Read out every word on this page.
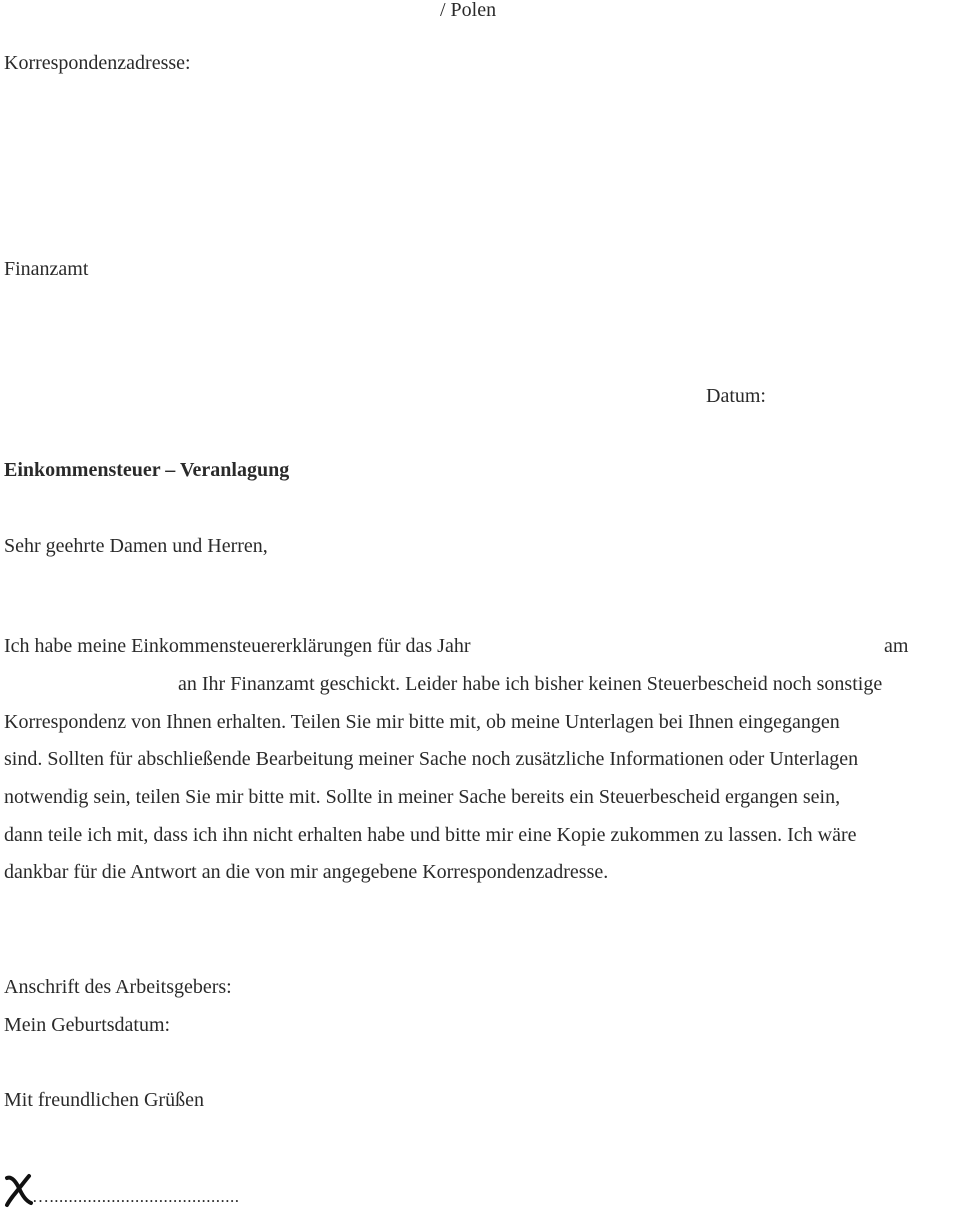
/ Polen
Korrespondenzadresse:
Finanzamt
Datum:
Einkommensteuer – Veranlagung
Sehr geehrte Damen und Herren,
Ich habe meine Einkommensteuererklärungen für das Jahr	am
an Ihr Finanzamt geschickt. Leider habe ich bisher keinen Steuerbescheid noch sonstige
Korrespondenz von Ihnen erhalten. Teilen Sie mir bitte mit, ob meine Unterlagen bei Ihnen eingegangen
sind. Sollten für abschließende Bearbeitung meiner Sache noch zusätzliche Informationen oder Unterlagen
notwendig sein, teilen Sie mir bitte mit. Sollte in meiner Sache bereits ein Steuerbescheid ergangen sein,
dann teile ich mit, dass ich ihn nicht erhalten habe und bitte mir eine Kopie zukommen zu lassen. Ich wäre
dankbar für die Antwort an die von mir angegebene Korrespondenzadresse.
Anschrift des Arbeitsgebers:
Mein Geburtsdatum:
Mit freundlichen Grüßen
…........................................
